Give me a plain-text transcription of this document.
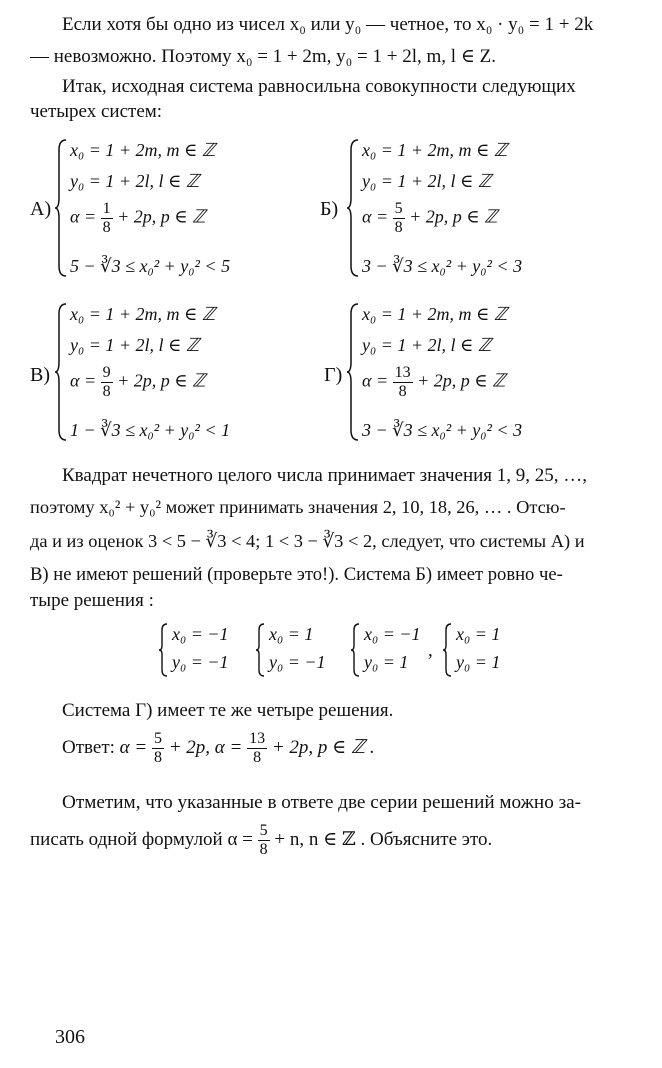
Если хотя бы одно из чисел x₀ или y₀ — четное, то x₀ · y₀ = 1 + 2k
— невозможно. Поэтому x₀ = 1 + 2m, y₀ = 1 + 2l, m, l ∈ Z.
Итак, исходная система равносильна совокупности следующих
четырех систем:
A)
x₀ = 1 + 2m, m ∈ ℤ
y₀ = 1 + 2l, l ∈ ℤ
$\alpha = \frac{1}{8} + 2p$, p ∈ ℤ
5 − ∛3 ≤ x₀² + y₀² < 5
Б)
x₀ = 1 + 2m, m ∈ ℤ
y₀ = 1 + 2l, l ∈ ℤ
$\alpha = \frac{5}{8} + 2p$, p ∈ ℤ
3 − ∛3 ≤ x₀² + y₀² < 3
В)
x₀ = 1 + 2m, m ∈ ℤ
y₀ = 1 + 2l, l ∈ ℤ
$\alpha = \frac{9}{8} + 2p$, p ∈ ℤ
1 − ∛3 ≤ x₀² + y₀² < 1
Г)
x₀ = 1 + 2m, m ∈ ℤ
y₀ = 1 + 2l, l ∈ ℤ
$\alpha = \frac{13}{8} + 2p$, p ∈ ℤ
3 − ∛3 ≤ x₀² + y₀² < 3
Квадрат нечетного целого числа принимает значения 1, 9, 25, …,
поэтому x₀² + y₀² может принимать значения 2, 10, 18, 26, … . Отсю-
да и из оценок 3 < 5 − ∛3 < 4; 1 < 3 − ∛3 < 2, следует, что системы А) и
В) не имеют решений (проверьте это!). Система Б) имеет ровно че-
тыре решения :
x₀ = −1
y₀ = −1
x₀ = 1
y₀ = −1
x₀ = −1
y₀ = 1
,
x₀ = 1
y₀ = 1
Система Г) имеет те же четыре решения.
Ответ: $\alpha = \frac{5}{8} + 2p$, $\alpha = \frac{13}{8} + 2p$, p ∈ ℤ .
Отметим, что указанные в ответе две серии решений можно за-
писать одной формулой $\alpha = \frac{5}{8} + n$, n ∈ ℤ . Объясните это.
306
